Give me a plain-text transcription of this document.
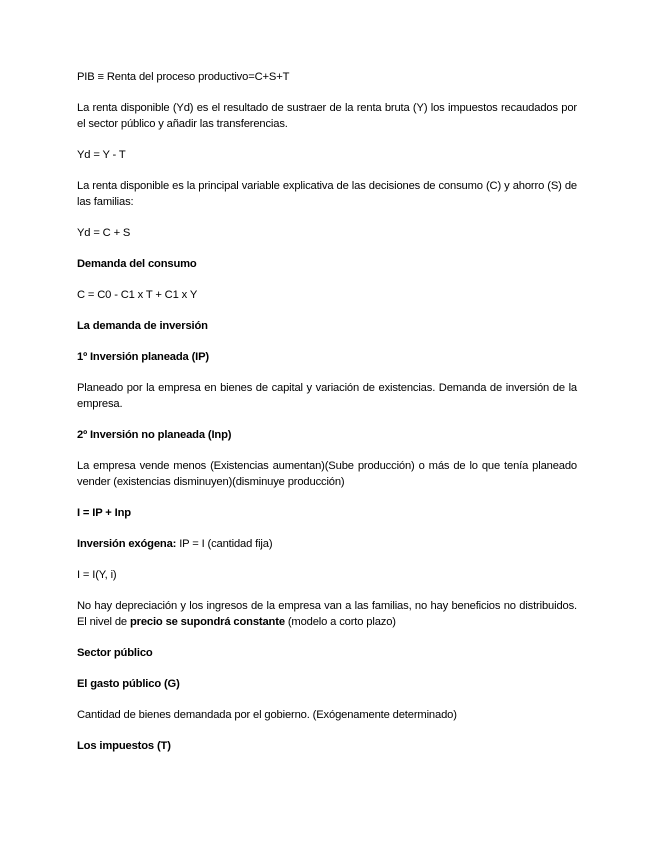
PIB ≡ Renta del proceso productivo=C+S+T

La renta disponible (Yd) es el resultado de sustraer de la renta bruta (Y) los impuestos recaudados por el sector público y añadir las transferencias.

Yd = Y - T

La renta disponible es la principal variable explicativa de las decisiones de consumo (C) y ahorro (S) de las familias:

Yd = C + S

Demanda del consumo

C = C0 - C1 x T + C1 x Y

La demanda de inversión

1º Inversión planeada (IP)

Planeado por la empresa en bienes de capital y variación de existencias. Demanda de inversión de la empresa.

2º Inversión no planeada (Inp)

La empresa vende menos (Existencias aumentan)(Sube producción) o más de lo que tenía planeado vender (existencias disminuyen)(disminuye producción)

I = IP + Inp

Inversión exógena: IP = I (cantidad fija)

I = I(Y, i)

No hay depreciación y los ingresos de la empresa van a las familias, no hay beneficios no distribuidos. El nivel de precio se supondrá constante (modelo a corto plazo)

Sector público

El gasto público (G)

Cantidad de bienes demandada por el gobierno. (Exógenamente determinado)

Los impuestos (T)
